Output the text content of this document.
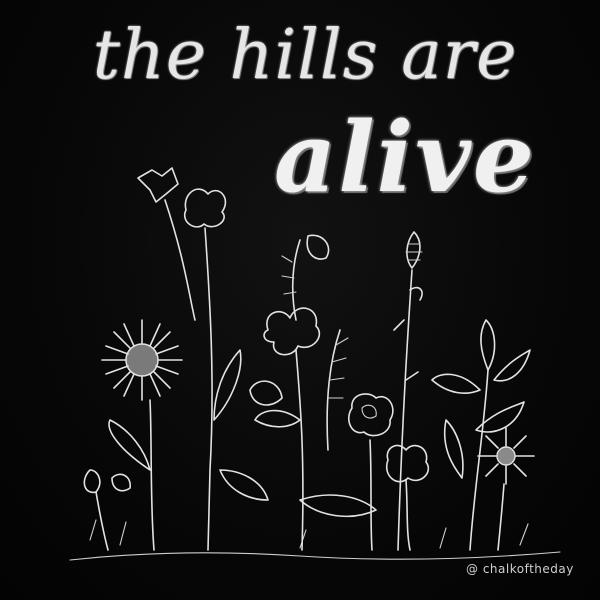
the hills are
alive
@ chalkoftheday
